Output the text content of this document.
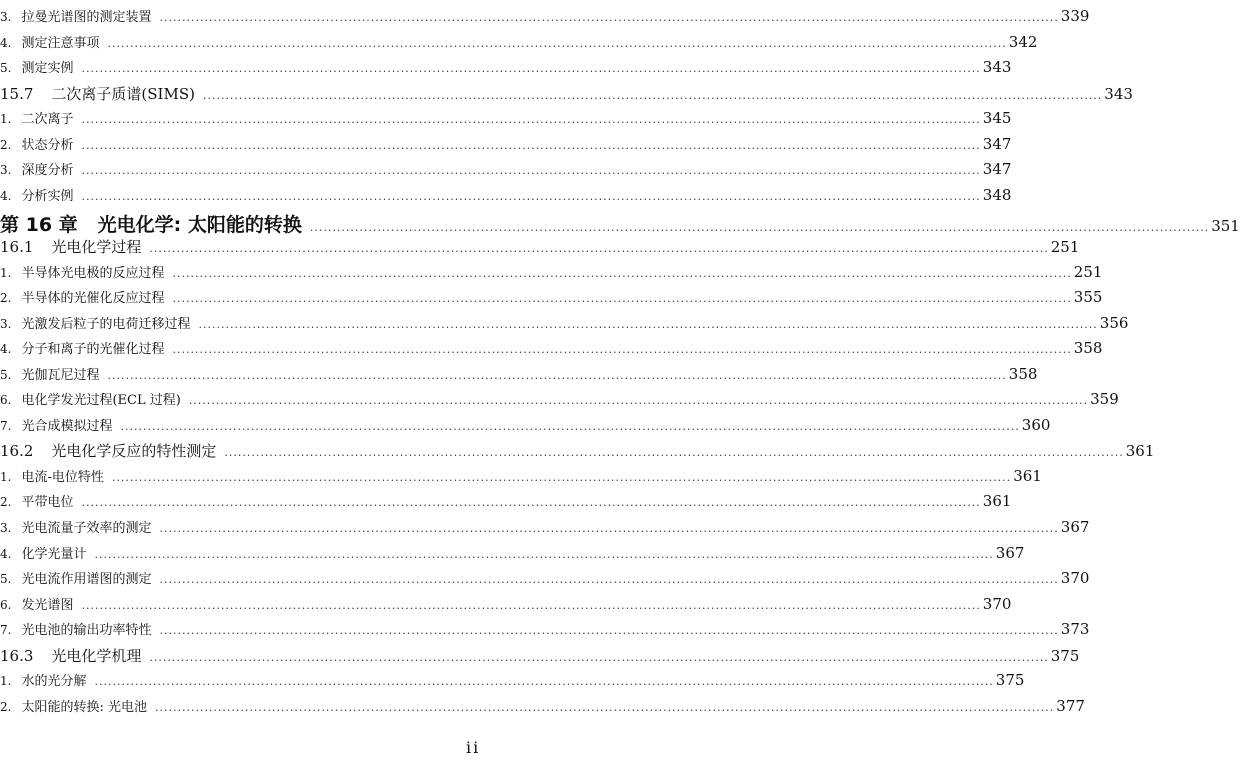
3. 拉曼光谱图的测定装置 ........................................................................................................................................................................................................ 339
4. 测定注意事项 ........................................................................................................................................................................................................ 342
5. 测定实例 ........................................................................................................................................................................................................ 343
15.7	二次离子质谱(SIMS) ........................................................................................................................................................................................................ 343
1. 二次离子 ........................................................................................................................................................................................................ 345
2. 状态分析 ........................................................................................................................................................................................................ 347
3. 深度分析 ........................................................................................................................................................................................................ 347
4. 分析实例 ........................................................................................................................................................................................................ 348
第 16 章	光电化学: 太阳能的转换 ........................................................................................................................................................................................................ 351
16.1	光电化学过程 ........................................................................................................................................................................................................ 251
1. 半导体光电极的反应过程 ........................................................................................................................................................................................................ 251
2. 半导体的光催化反应过程 ........................................................................................................................................................................................................ 355
3. 光激发后粒子的电荷迁移过程 ........................................................................................................................................................................................................ 356
4. 分子和离子的光催化过程 ........................................................................................................................................................................................................ 358
5. 光伽瓦尼过程 ........................................................................................................................................................................................................ 358
6. 电化学发光过程(ECL 过程) ........................................................................................................................................................................................................ 359
7. 光合成模拟过程 ........................................................................................................................................................................................................ 360
16.2	光电化学反应的特性测定 ........................................................................................................................................................................................................ 361
1. 电流-电位特性 ........................................................................................................................................................................................................ 361
2. 平带电位 ........................................................................................................................................................................................................ 361
3. 光电流量子效率的测定 ........................................................................................................................................................................................................ 367
4. 化学光量计 ........................................................................................................................................................................................................ 367
5. 光电流作用谱图的测定 ........................................................................................................................................................................................................ 370
6. 发光谱图 ........................................................................................................................................................................................................ 370
7. 光电池的输出功率特性 ........................................................................................................................................................................................................ 373
16.3	光电化学机理 ........................................................................................................................................................................................................ 375
1. 水的光分解 ........................................................................................................................................................................................................ 375
2. 太阳能的转换: 光电池 ........................................................................................................................................................................................................ 377
ii
